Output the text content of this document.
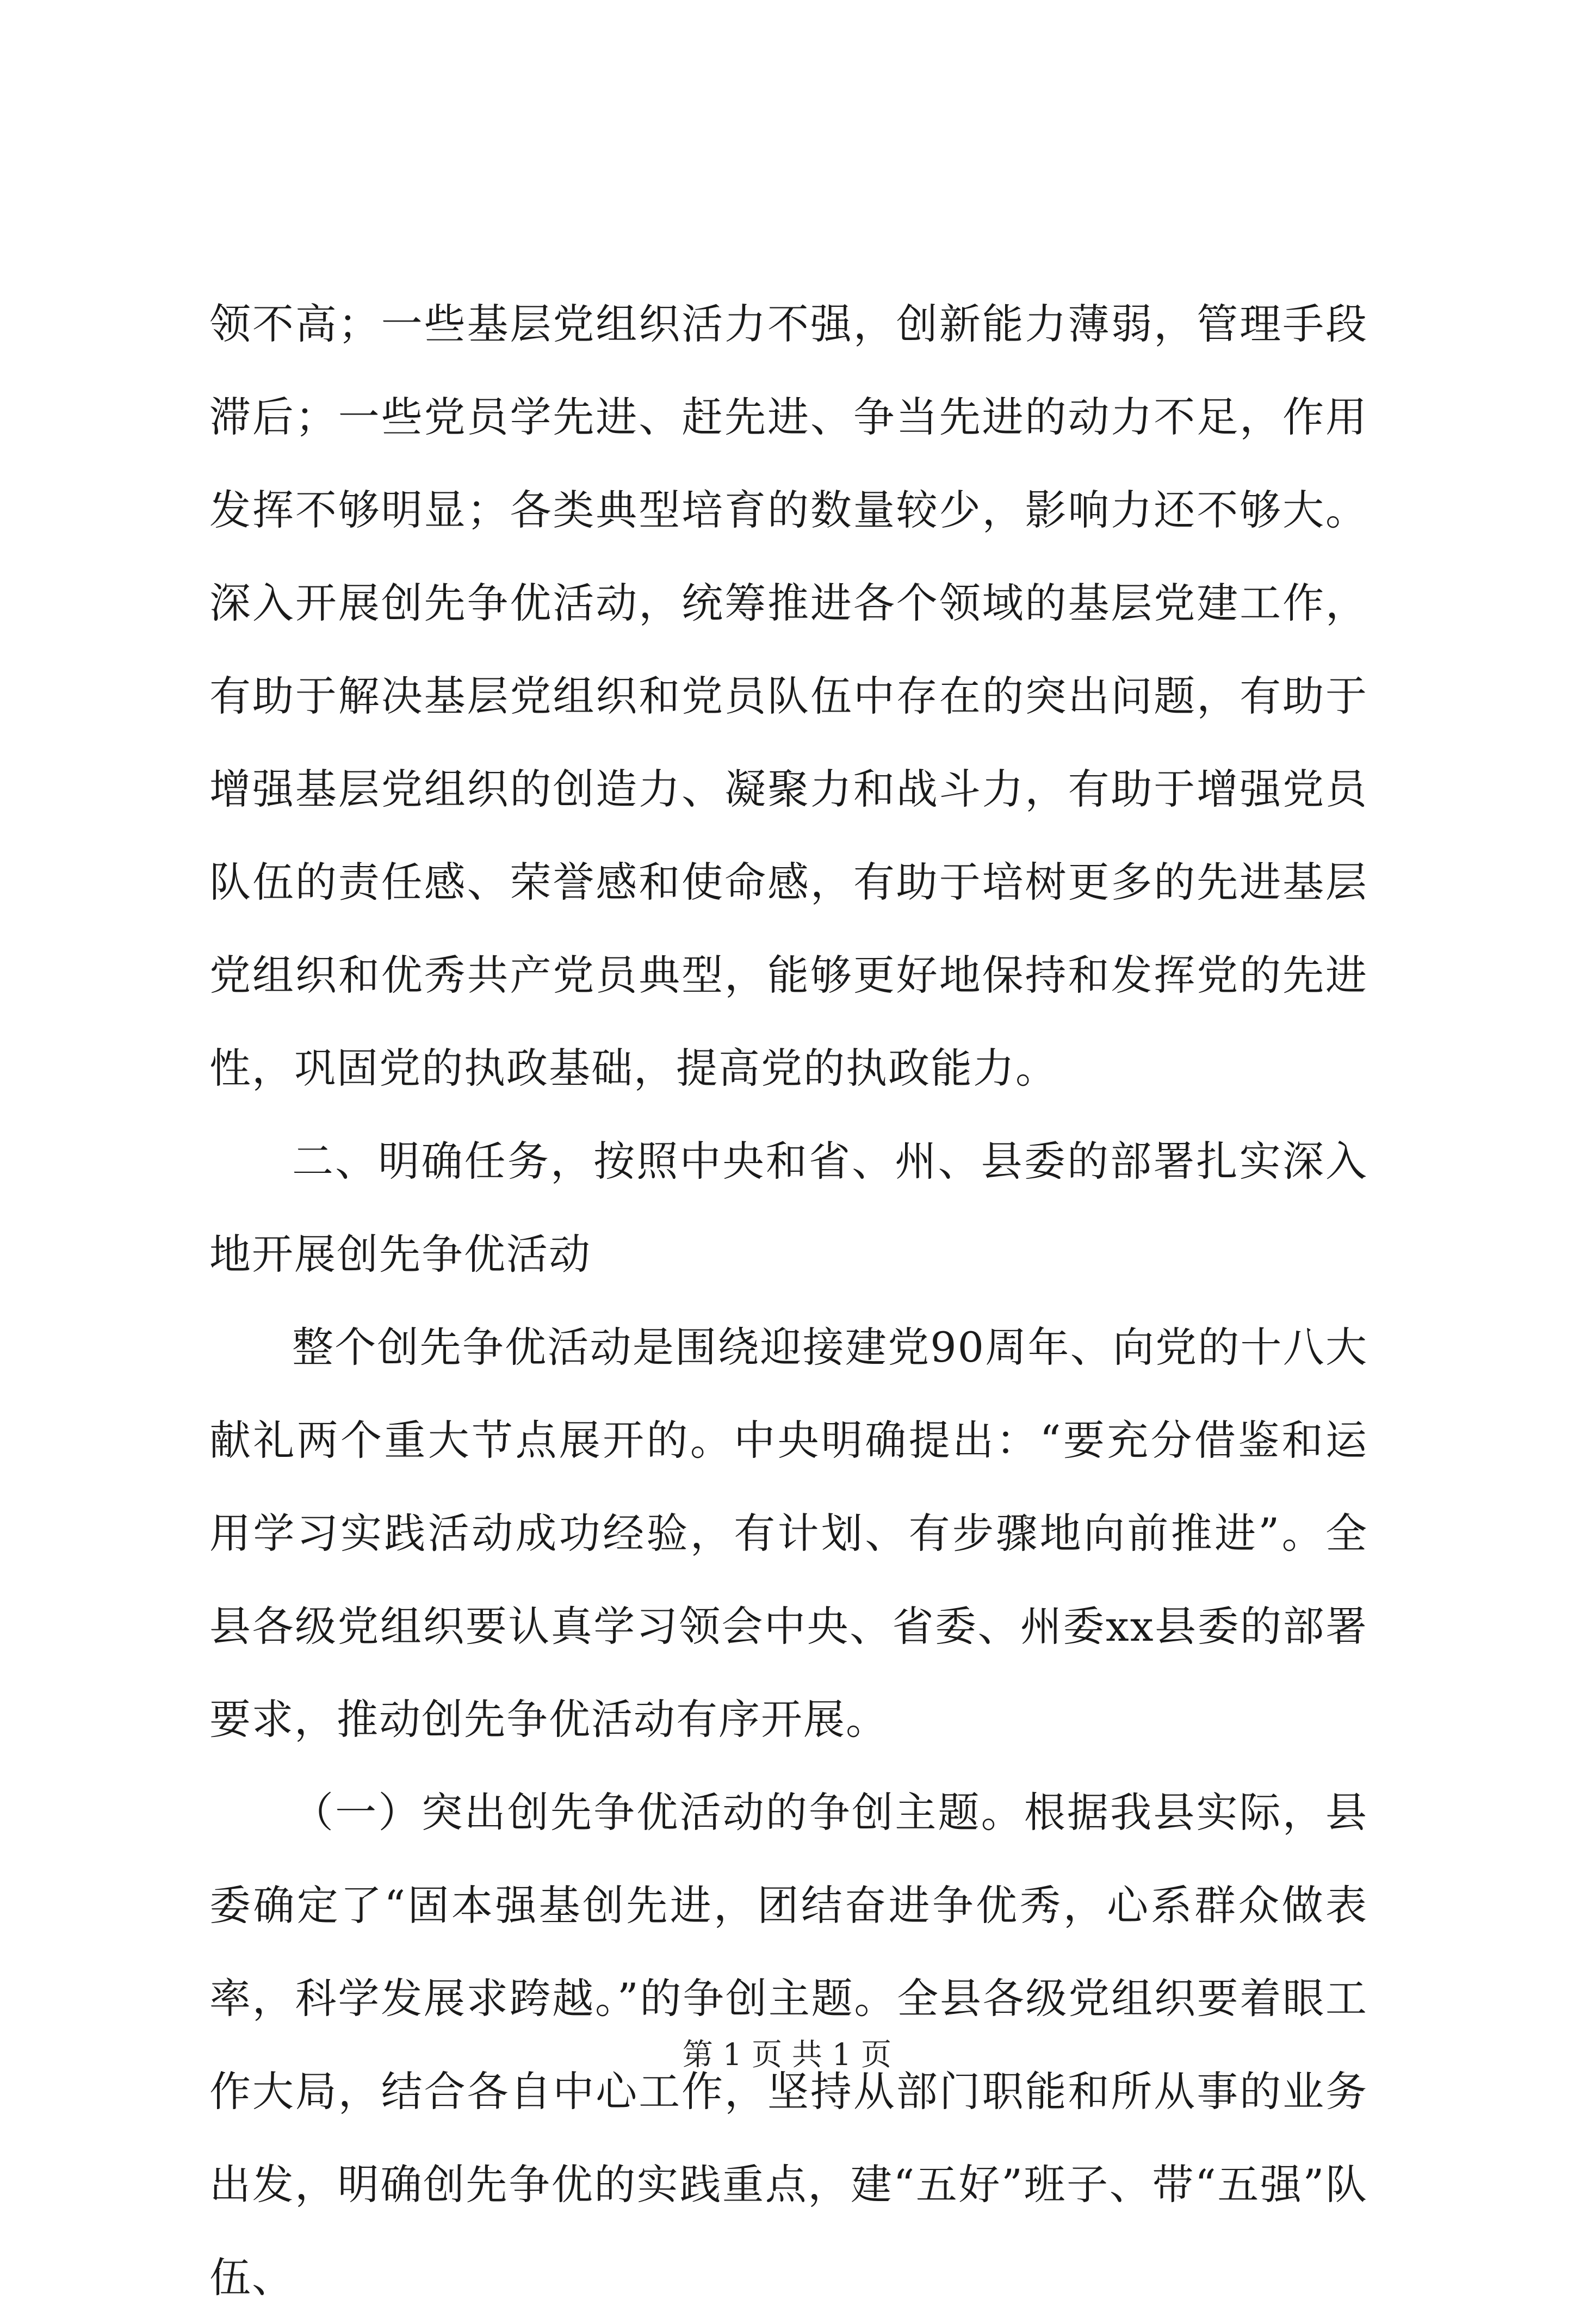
领不高；一些基层党组织活力不强，创新能力薄弱，管理手段滞后；一些党员学先进、赶先进、争当先进的动力不足，作用发挥不够明显；各类典型培育的数量较少，影响力还不够大。深入开展创先争优活动，统筹推进各个领域的基层党建工作，有助于解决基层党组织和党员队伍中存在的突出问题，有助于增强基层党组织的创造力、凝聚力和战斗力，有助于增强党员队伍的责任感、荣誉感和使命感，有助于培树更多的先进基层党组织和优秀共产党员典型，能够更好地保持和发挥党的先进性，巩固党的执政基础，提高党的执政能力。

二、明确任务，按照中央和省、州、县委的部署扎实深入地开展创先争优活动

整个创先争优活动是围绕迎接建党90周年、向党的十八大献礼两个重大节点展开的。中央明确提出：“要充分借鉴和运用学习实践活动成功经验，有计划、有步骤地向前推进”。全县各级党组织要认真学习领会中央、省委、州委xx县委的部署要求，推动创先争优活动有序开展。

（一）突出创先争优活动的争创主题。根据我县实际，县委确定了“固本强基创先进，团结奋进争优秀，心系群众做表率，科学发展求跨越。”的争创主题。全县各级党组织要着眼工作大局，结合各自中心工作，坚持从部门职能和所从事的业务出发，明确创先争优的实践重点，建“五好”班子、带“五强”队伍、

第 1 页 共 1 页
